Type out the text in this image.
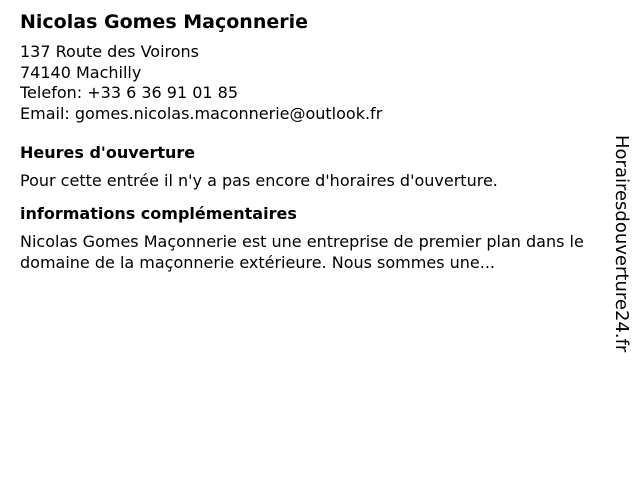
Nicolas Gomes Maçonnerie
137 Route des Voirons
74140 Machilly
Telefon: +33 6 36 91 01 85
Email: gomes.nicolas.maconnerie@outlook.fr
Heures d'ouverture

Pour cette entrée il n'y a pas encore d'horaires d'ouverture.

informations complémentaires

Nicolas Gomes Maçonnerie est une entreprise de premier plan dans le domaine de la maçonnerie extérieure. Nous sommes une...	Horairesdouverture24.fr
